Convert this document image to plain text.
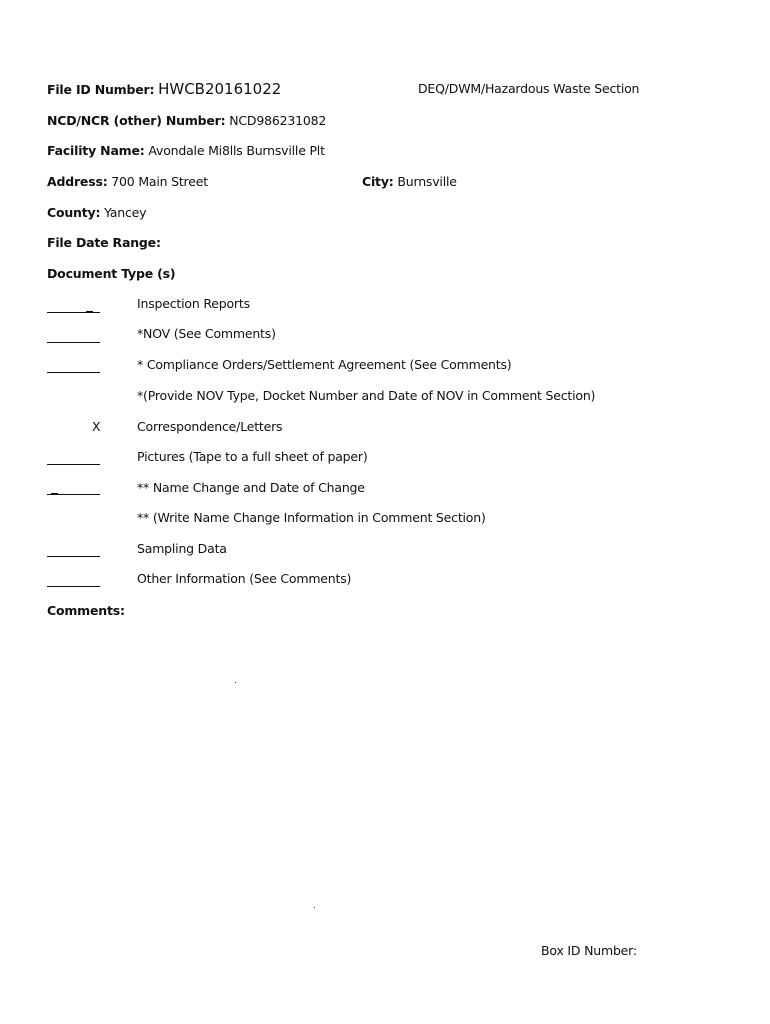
File ID Number: HWCB20161022	DEQ/DWM/Hazardous Waste Section
NCD/NCR (other) Number: NCD986231082
Facility Name: Avondale Mi8lls Burnsville Plt
Address: 700 Main Street	City: Burnsville
County: Yancey
File Date Range:
Document Type (s)
Inspection Reports
*NOV (See Comments)
* Compliance Orders/Settlement Agreement (See Comments)
*(Provide NOV Type, Docket Number and Date of NOV in Comment Section)
X	Correspondence/Letters
Pictures (Tape to a full sheet of paper)
** Name Change and Date of Change
** (Write Name Change Information in Comment Section)
Sampling Data
Other Information (See Comments)
Comments:
Box ID Number:
